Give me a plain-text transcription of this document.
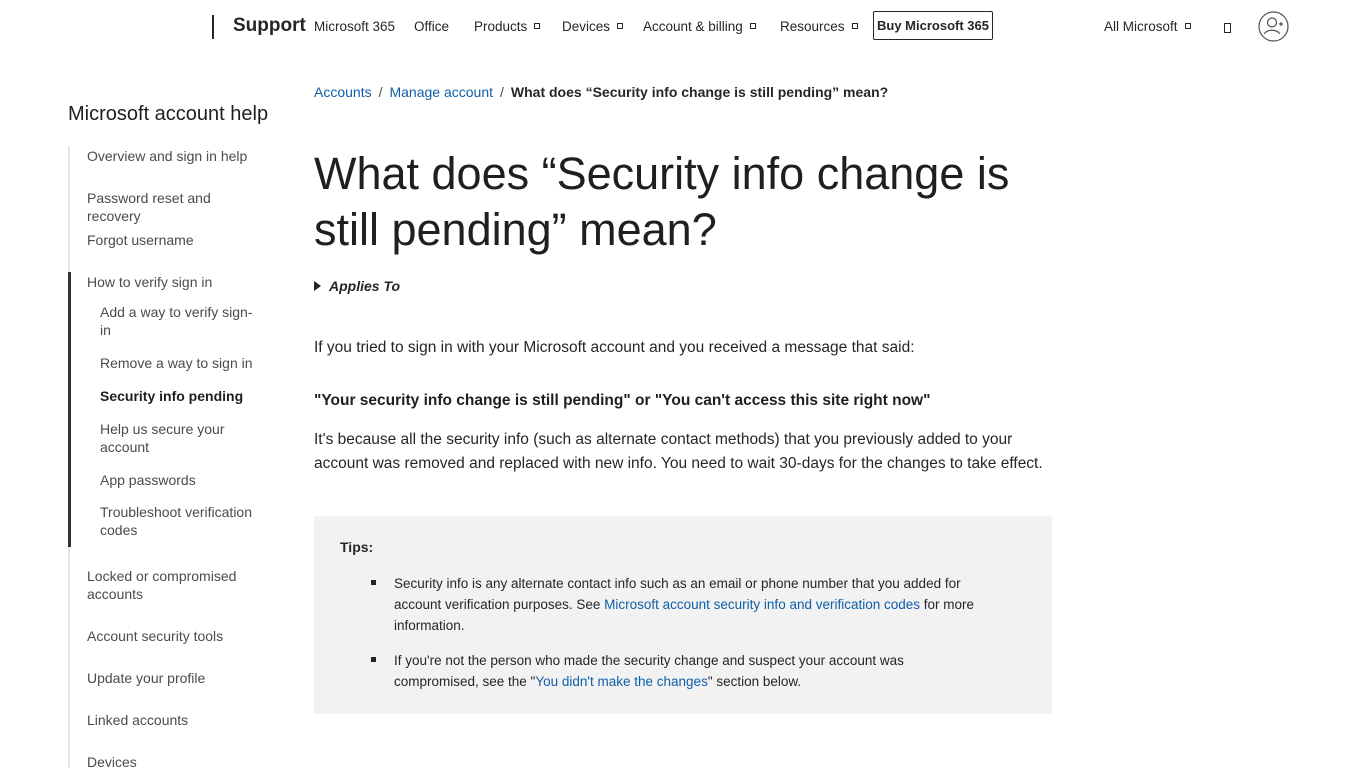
Support Microsoft 365 Office Products	Devices	Account & billing	Resources	Buy Microsoft 365	All Microsoft
Microsoft account help
Overview and sign in help
Password reset and recovery
Forgot username
How to verify sign in
Add a way to verify sign-in
Remove a way to sign in
Security info pending
Help us secure your account
App passwords
Troubleshoot verification codes
Locked or compromised accounts
Account security tools
Update your profile
Linked accounts
Devices
Accounts / Manage account / What does “Security info change is still pending” mean?
What does “Security info change is still pending” mean?
Applies To

If you tried to sign in with your Microsoft account and you received a message that said:

"Your security info change is still pending" or "You can't access this site right now"

It's because all the security info (such as alternate contact methods) that you previously added to your account was removed and replaced with new info. You need to wait 30-days for the changes to take effect.

Tips:
Security info is any alternate contact info such as an email or phone number that you added for account verification purposes. See Microsoft account security info and verification codes for more information.
If you're not the person who made the security change and suspect your account was compromised, see the "You didn't make the changes" section below.
